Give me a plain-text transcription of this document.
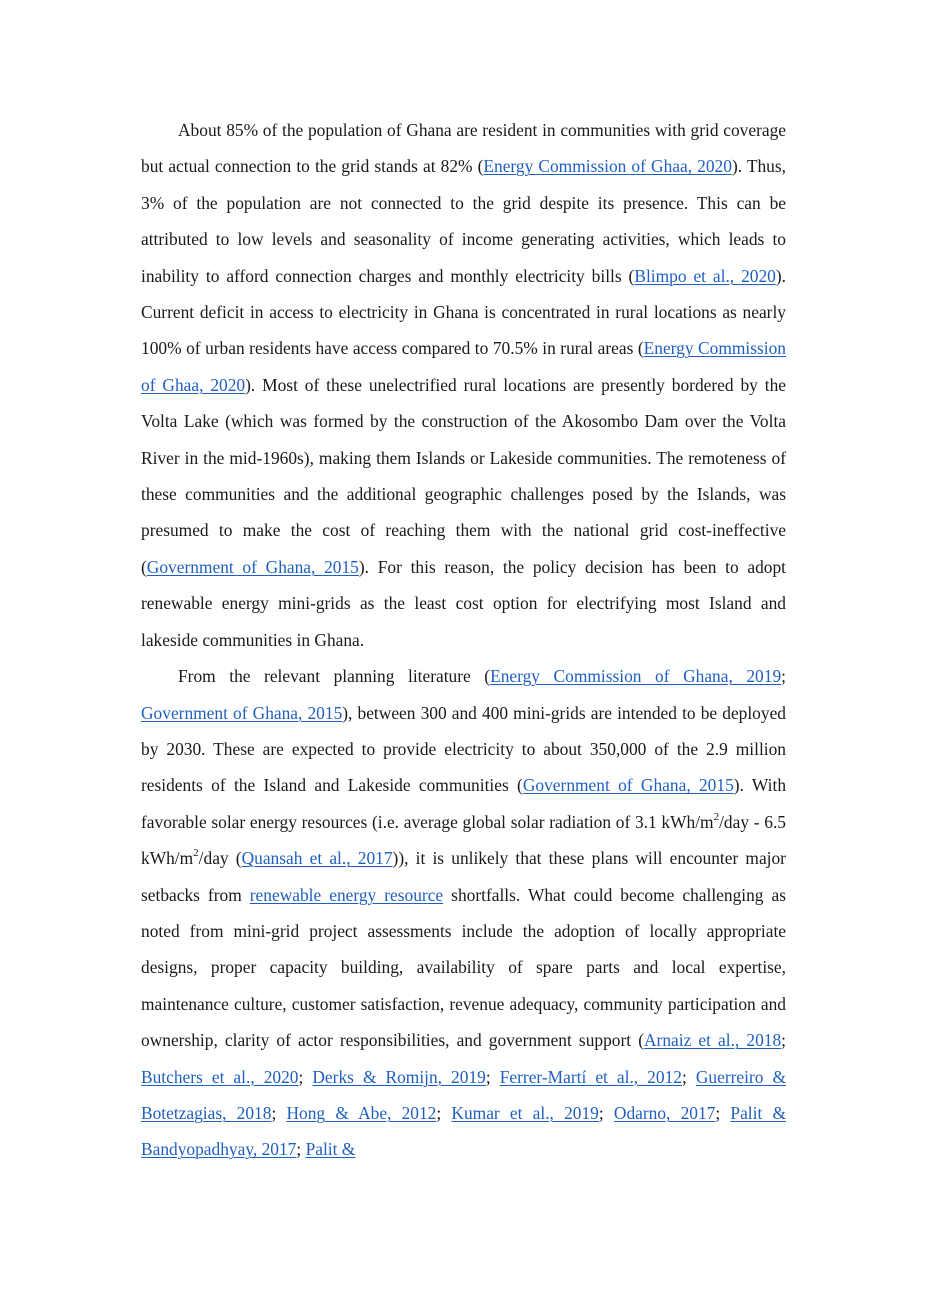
About 85% of the population of Ghana are resident in communities with grid coverage but actual connection to the grid stands at 82% (Energy Commission of Ghaa, 2020). Thus, 3% of the population are not connected to the grid despite its presence. This can be attributed to low levels and seasonality of income generating activities, which leads to inability to afford connection charges and monthly electricity bills (Blimpo et al., 2020). Current deficit in access to electricity in Ghana is concentrated in rural locations as nearly 100% of urban residents have access compared to 70.5% in rural areas (Energy Commission of Ghaa, 2020). Most of these unelectrified rural locations are presently bordered by the Volta Lake (which was formed by the construction of the Akosombo Dam over the Volta River in the mid-1960s), making them Islands or Lakeside communities. The remoteness of these communities and the additional geographic challenges posed by the Islands, was presumed to make the cost of reaching them with the national grid cost-ineffective (Government of Ghana, 2015). For this reason, the policy decision has been to adopt renewable energy mini-grids as the least cost option for electrifying most Island and lakeside communities in Ghana.

From the relevant planning literature (Energy Commission of Ghana, 2019; Government of Ghana, 2015), between 300 and 400 mini-grids are intended to be deployed by 2030. These are expected to provide electricity to about 350,000 of the 2.9 million residents of the Island and Lakeside communities (Government of Ghana, 2015). With favorable solar energy resources (i.e. average global solar radiation of 3.1 kWh/$m^2$/day - 6.5 kWh/$m^2$/day (Quansah et al., 2017)), it is unlikely that these plans will encounter major setbacks from renewable energy resource shortfalls. What could become challenging as noted from mini-grid project assessments include the adoption of locally appropriate designs, proper capacity building, availability of spare parts and local expertise, maintenance culture, customer satisfaction, revenue adequacy, community participation and ownership, clarity of actor responsibilities, and government support (Arnaiz et al., 2018; Butchers et al., 2020; Derks & Romijn, 2019; Ferrer-Martí et al., 2012; Guerreiro & Botetzagias, 2018; Hong & Abe, 2012; Kumar et al., 2019; Odarno, 2017; Palit & Bandyopadhyay, 2017; Palit &
